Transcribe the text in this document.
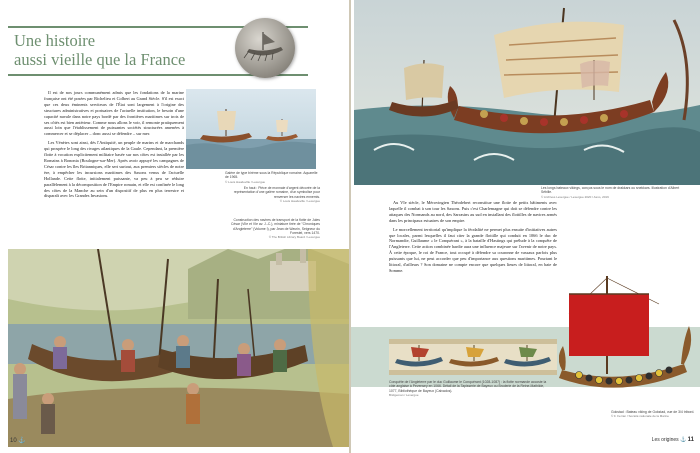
Une histoire
aussi vieille que la France

Il est de nos jours communément admis que les fondations de la marine française ont été posées par Richelieu et Colbert au Grand Siècle. S'il est exact que ces deux éminents serviteurs de l'État sont largement à l'origine des structures administratives et portuaires de l'actuelle institution, le besoin d'une capacité navale dans notre pays bordé par des frontières maritimes sur trois de ses côtés est bien antérieur. Comme nous allons le voir, il remonte pratiquement aussi loin que l'établissement de puissantes sociétés structurées amenées à commercer et se déplacer – donc aussi se défendre – sur mer.

Les Vénètes sont ainsi, dès l'Antiquité, un peuple de marins et de marchands qui prospère le long des rivages atlantiques de la Gaule. Cependant, la première flotte à vocation explicitement militaire basée sur nos côtes est installée par les Romains à Bononia (Boulogne-sur-Mer). Après avoir appuyé les campagnes de César contre les îles Britanniques, elle sert surtout, aux premiers siècles de notre ère, à empêcher les incursions maritimes des Saxons venus de l'actuelle Hollande. Cette flotte, initialement puissante, va peu à peu se réduire parallèlement à la décomposition de l'Empire romain, et elle est confinée le long des côtes de la Manche au sein d'un dispositif de plus en plus terrestre et disparaît avec les Grandes Invasions.

Galère de type birème sous la République romaine. Aquarelle de 1965.
© Louis Haudeville / Lexergue
En haut : Pièce de monnaie d'argent décorée de la représentation d'une galère romaine, d'un symbolise pour renverser les navires ennemis.
© Louis Haudeville / Lexergue
Construction des navires de transport de la flotte de Jules César (VIIe et VIe av. J.-C.), miniature tirée de "Chroniques d'Angleterre" (Volume I), par Jean de Wavrin, Seigneur du Forestel, vers 1470.
© The British Library Board / Lexergue
10 ⚓
Les longs bateaux vikings, conçus sous le nom de drakkars ou snekkars. Illustration d'Albert Sébille.
© Archives Lexergue / Lexergue 2020 / Asno, 2019

Au VIe siècle, le Mérovingien Théodebert reconstitue une flotte de petits bâtiments avec laquelle il combat à son tour les Saxons. Puis c'est Charlemagne qui doit se défendre contre les attaques des Normands au nord, des Sarrasins au sud en installant des flottilles de navires armés dans les principaux estuaires de son empire.

Le morcellement territorial qu'implique la féodalité ne permet plus ensuite d'initiatives autres que locales, parmi lesquelles il faut citer la grande flottille qui conduit en 1066 le duc de Normandie, Guillaume « le Conquérant », à la bataille d'Hastings qui prélude à la conquête de l'Angleterre. Cette action combinée hardie aura une influence majeure sur l'avenir de notre pays. À cette époque, le roi de France, tout occupé à défendre sa couronne de vassaux parfois plus puissants que lui, ne peut accorder que peu d'importance aux questions maritimes. Pourtant le littoral, d'ailleurs ? Son domaine ne compte encore que quelques lieues de littoral, en baie de Somme.

Conquête de l'Angleterre par le duc Guillaume le Conquérant (1028-1087) : la flotte normande accoste la côte anglaise à Pevensey en 1066. Détail de la Tapisserie de Bayeux ou Broderie de la Reine-Mathilde, 1077, Bibliothèque de Bayeux (Calvados).
Bridgeman / Lexergue
Gokstad : Bateau viking de Gokstad, vue de 3/4 tribord.
© F. Ferran / Société nationale de la Marine
Les origines ⚓ 11
